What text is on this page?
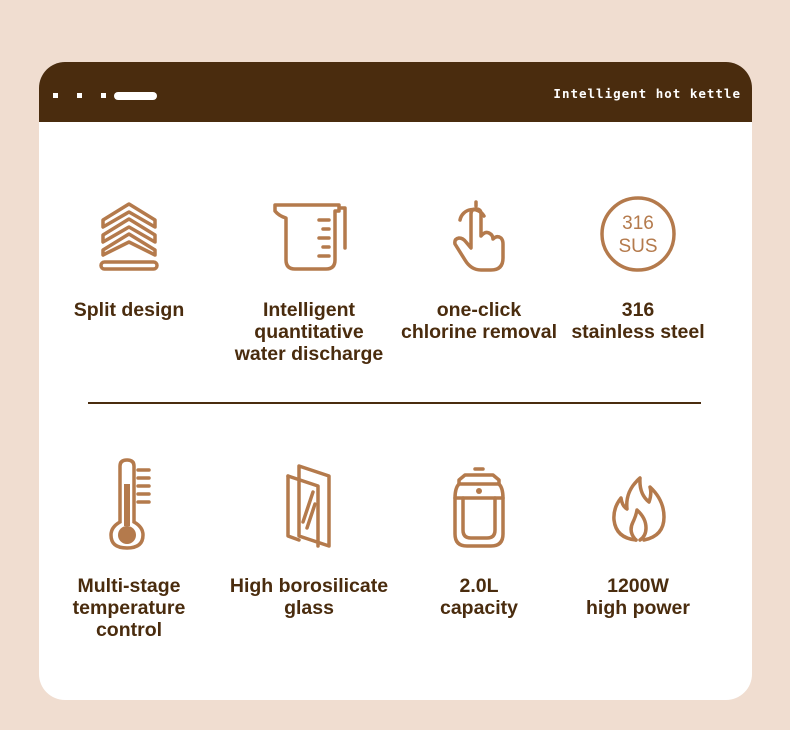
Intelligent hot kettle
Split design	Intelligent
quantitative
water discharge
one-click
chlorine removal
316
SUS
316
stainless steel
Multi-stage
temperature
control
High borosilicate
glass
2.0L
capacity
1200W
high power
